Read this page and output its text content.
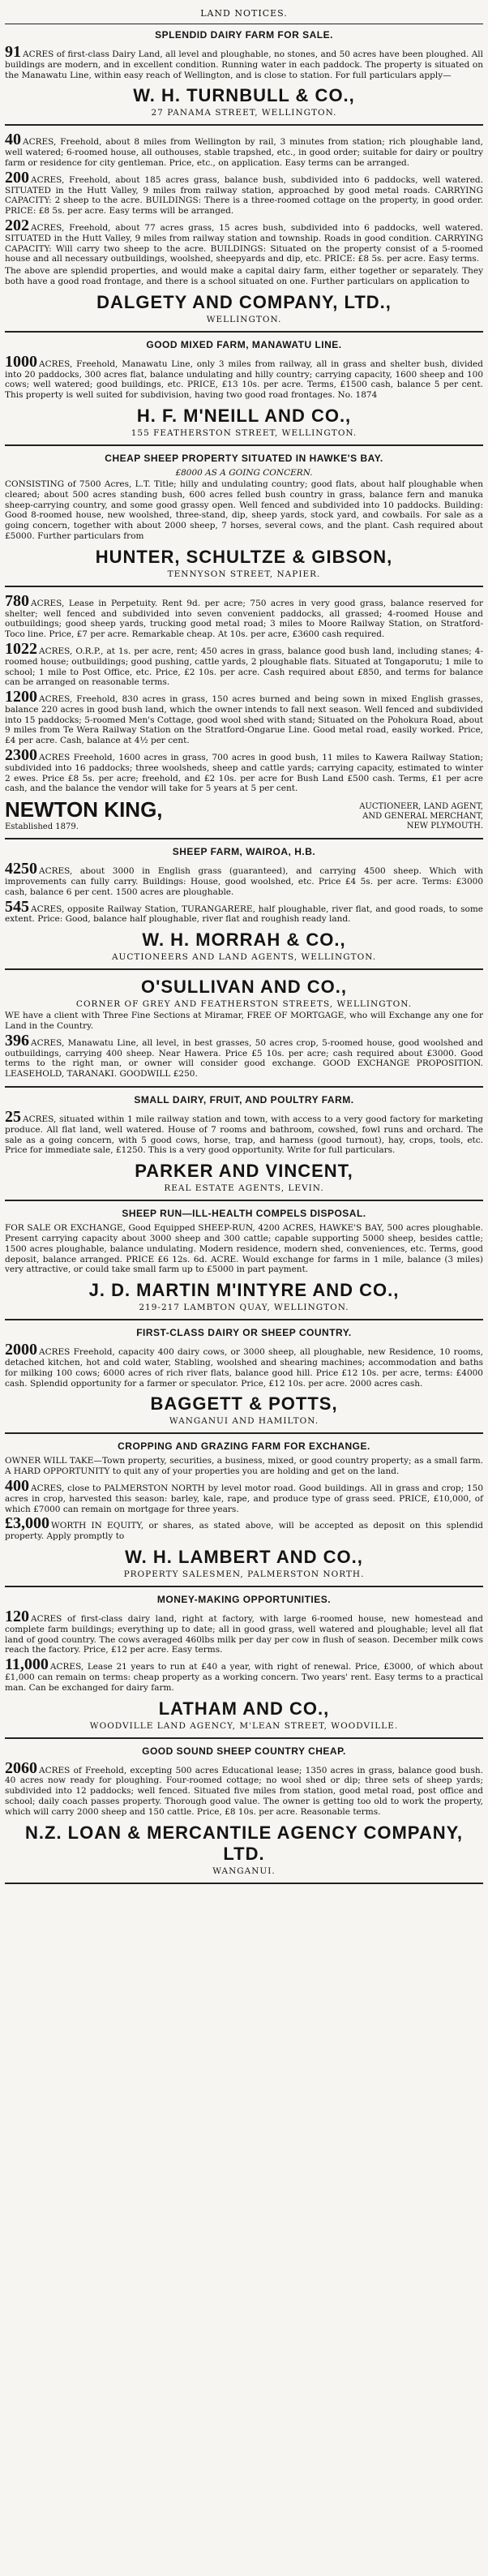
LAND NOTICES.
SPLENDID DAIRY FARM FOR SALE.
91 ACRES of first-class Dairy Land, all level and ploughable, no stones, and 50 acres have been ploughed. All buildings are modern, and in excellent condition. Running water in each paddock. The property is situated on the Manawatu Line, within easy reach of Wellington, and is close to station. For full particulars apply—
W. H. TURNBULL & CO.,
27 PANAMA STREET, WELLINGTON.
40 ACRES, Freehold, about 8 miles from Wellington by rail, 3 minutes from station; rich ploughable land, well watered; 6-roomed house, all outhouses, stable trapshed, etc., in good order; suitable for dairy or poultry farm or residence for city gentleman. Price, etc., on application. Easy terms can be arranged.
200 ACRES, Freehold, about 185 acres grass, balance bush, subdivided into 6 paddocks, well watered. SITUATED in the Hutt Valley, 9 miles from railway station, approached by good metal roads. CARRYING CAPACITY: 2 sheep to the acre. BUILDINGS: There is a three-roomed cottage on the property, in good order. PRICE: £8 5s. per acre. Easy terms will be arranged.
202 ACRES, Freehold, about 77 acres grass, 15 acres bush, subdivided into 6 paddocks, well watered. SITUATED in the Hutt Valley, 9 miles from railway station and township. Roads in good condition. CARRYING CAPACITY: Will carry two sheep to the acre. BUILDINGS: Situated on the property consist of a 5-roomed house and all necessary outbuildings, woolshed, sheepyards and dip, etc. PRICE: £8 5s. per acre. Easy terms.
The above are splendid properties, and would make a capital dairy farm, either together or separately. They both have a good road frontage, and there is a school situated on one. Further particulars on application to
DALGETY AND COMPANY, LTD.,
WELLINGTON.
GOOD MIXED FARM, MANAWATU LINE.
1000 ACRES, Freehold, Manawatu Line, only 3 miles from railway, all in grass and shelter bush, divided into 20 paddocks, 300 acres flat, balance undulating and hilly country; carrying capacity, 1600 sheep and 100 cows; well watered; good buildings, etc. PRICE, £13 10s. per acre. Terms, £1500 cash, balance 5 per cent. This property is well suited for subdivision, having two good road frontages. No. 1874
H. F. M'NEILL AND CO.,
155 FEATHERSTON STREET, WELLINGTON.
CHEAP SHEEP PROPERTY SITUATED IN HAWKE'S BAY.
£8000 AS A GOING CONCERN.
CONSISTING of 7500 Acres, L.T. Title; hilly and undulating country; good flats, about half ploughable when cleared; about 500 acres standing bush, 600 acres felled bush country in grass, balance fern and manuka sheep-carrying country, and some good grassy open. Well fenced and subdivided into 10 paddocks. Building: Good 8-roomed house, new woolshed, three-stand, dip, sheep yards, stock yard, and cowbails. For sale as a going concern, together with about 2000 sheep, 7 horses, several cows, and the plant. Cash required about £5000. Further particulars from
HUNTER, SCHULTZE & GIBSON,
TENNYSON STREET, NAPIER.
780 ACRES, Lease in Perpetuity. Rent 9d. per acre; 750 acres in very good grass, balance reserved for shelter; well fenced and subdivided into seven convenient paddocks, all grassed; 4-roomed House and outbuildings; good sheep yards, trucking good metal road; 3 miles to Moore Railway Station, on Stratford-Toco line. Price, £7 per acre. Remarkable cheap. At 10s. per acre, £3600 cash required.
1022 ACRES, O.R.P., at 1s. per acre, rent; 450 acres in grass, balance good bush land, including stanes; 4-roomed house; outbuildings; good pushing, cattle yards, 2 ploughable flats. Situated at Tongaporutu; 1 mile to school; 1 mile to Post Office, etc. Price, £2 10s. per acre. Cash required about £850, and terms for balance can be arranged on reasonable terms.
1200 ACRES, Freehold, 830 acres in grass, 150 acres burned and being sown in mixed English grasses, balance 220 acres in good bush land, which the owner intends to fall next season. Well fenced and subdivided into 15 paddocks; 5-roomed Men's Cottage, good wool shed with stand; Situated on the Pohokura Road, about 9 miles from Te Wera Railway Station on the Stratford-Ongarue Line. Good metal road, easily worked. Price, £4 per acre. Cash, balance at 4½ per cent.
2300 ACRES Freehold, 1600 acres in grass, 700 acres in good bush, 11 miles to Kawera Railway Station; subdivided into 16 paddocks; three woolsheds, sheep and cattle yards; carrying capacity, estimated to winter 2 ewes. Price £8 5s. per acre; freehold, and £2 10s. per acre for Bush Land £500 cash. Terms, £1 per acre cash, and the balance the vendor will take for 5 years at 5 per cent.
NEWTON KING,
Established 1879.
AUCTIONEER, LAND AGENT,
AND GENERAL MERCHANT,
NEW PLYMOUTH.
SHEEP FARM, WAIROA, H.B.
4250 ACRES, about 3000 in English grass (guaranteed), and carrying 4500 sheep. Which with improvements can fully carry. Buildings: House, good woolshed, etc. Price £4 5s. per acre. Terms: £3000 cash, balance 6 per cent. 1500 acres are ploughable.
545 ACRES, opposite Railway Station, TURANGARERE, half ploughable, river flat, and good roads, to some extent. Price: Good, balance half ploughable, river flat and roughish ready land.
W. H. MORRAH & CO.,
AUCTIONEERS AND LAND AGENTS, WELLINGTON.
O'SULLIVAN AND CO.,
CORNER OF GREY AND FEATHERSTON STREETS, WELLINGTON.
WE have a client with Three Fine Sections at Miramar, FREE OF MORTGAGE, who will Exchange any one for Land in the Country.
396 ACRES, Manawatu Line, all level, in best grasses, 50 acres crop, 5-roomed house, good woolshed and outbuildings, carrying 400 sheep. Near Hawera. Price £5 10s. per acre; cash required about £3000. Good terms to the right man, or owner will consider good exchange. GOOD EXCHANGE PROPOSITION. LEASEHOLD, TARANAKI. GOODWILL £250.
SMALL DAIRY, FRUIT, AND POULTRY FARM.
25 ACRES, situated within 1 mile railway station and town, with access to a very good factory for marketing produce. All flat land, well watered. House of 7 rooms and bathroom, cowshed, fowl runs and orchard. The sale as a going concern, with 5 good cows, horse, trap, and harness (good turnout), hay, crops, tools, etc. Price for immediate sale, £1250. This is a very good opportunity. Write for full particulars.
PARKER AND VINCENT,
REAL ESTATE AGENTS, LEVIN.
SHEEP RUN—ILL-HEALTH COMPELS DISPOSAL.
FOR SALE OR EXCHANGE, Good Equipped SHEEP-RUN, 4200 ACRES, HAWKE'S BAY, 500 acres ploughable. Present carrying capacity about 3000 sheep and 300 cattle; capable supporting 5000 sheep, besides cattle; 1500 acres ploughable, balance undulating. Modern residence, modern shed, conveniences, etc. Terms, good deposit, balance arranged. PRICE £6 12s. 6d. ACRE. Would exchange for farms in 1 mile, balance (3 miles) very attractive, or could take small farm up to £5000 in part payment.
J. D. MARTIN M'INTYRE AND CO.,
219-217 LAMBTON QUAY, WELLINGTON.
FIRST-CLASS DAIRY OR SHEEP COUNTRY.
2000 ACRES Freehold, capacity 400 dairy cows, or 3000 sheep, all ploughable, new Residence, 10 rooms, detached kitchen, hot and cold water, Stabling, woolshed and shearing machines; accommodation and baths for milking 100 cows; 6000 acres of rich river flats, balance good hill. Price £12 10s. per acre, terms: £4000 cash. Splendid opportunity for a farmer or speculator. Price, £12 10s. per acre. 2000 acres cash.
BAGGETT & POTTS,
WANGANUI AND HAMILTON.
CROPPING AND GRAZING FARM FOR EXCHANGE.
OWNER WILL TAKE—Town property, securities, a business, mixed, or good country property; as a small farm. A HARD OPPORTUNITY to quit any of your properties you are holding and get on the land.
400 ACRES, close to PALMERSTON NORTH by level motor road. Good buildings. All in grass and crop; 150 acres in crop, harvested this season: barley, kale, rape, and produce type of grass seed. PRICE, £10,000, of which £7000 can remain on mortgage for three years.
£3,000 WORTH IN EQUITY, or shares, as stated above, will be accepted as deposit on this splendid property. Apply promptly to
W. H. LAMBERT AND CO.,
PROPERTY SALESMEN, PALMERSTON NORTH.
MONEY-MAKING OPPORTUNITIES.
120 ACRES of first-class dairy land, right at factory, with large 6-roomed house, new homestead and complete farm buildings; everything up to date; all in good grass, well watered and ploughable; level all flat land of good country. The cows averaged 460lbs milk per day per cow in flush of season. December milk cows reach the factory. Price, £12 per acre. Easy terms.
11,000 ACRES, Lease 21 years to run at £40 a year, with right of renewal. Price, £3000, of which about £1,000 can remain on terms: cheap property as a working concern. Two years' rent. Easy terms to a practical man. Can be exchanged for dairy farm.
LATHAM AND CO.,
WOODVILLE LAND AGENCY, M'LEAN STREET, WOODVILLE.
GOOD SOUND SHEEP COUNTRY CHEAP.
2060 ACRES of Freehold, excepting 500 acres Educational lease; 1350 acres in grass, balance good bush. 40 acres now ready for ploughing. Four-roomed cottage; no wool shed or dip; three sets of sheep yards; subdivided into 12 paddocks; well fenced. Situated five miles from station, good metal road, post office and school; daily coach passes property. Thorough good value. The owner is getting too old to work the property, which will carry 2000 sheep and 150 cattle. Price, £8 10s. per acre. Reasonable terms.
N.Z. LOAN & MERCANTILE AGENCY COMPANY, LTD.
WANGANUI.
